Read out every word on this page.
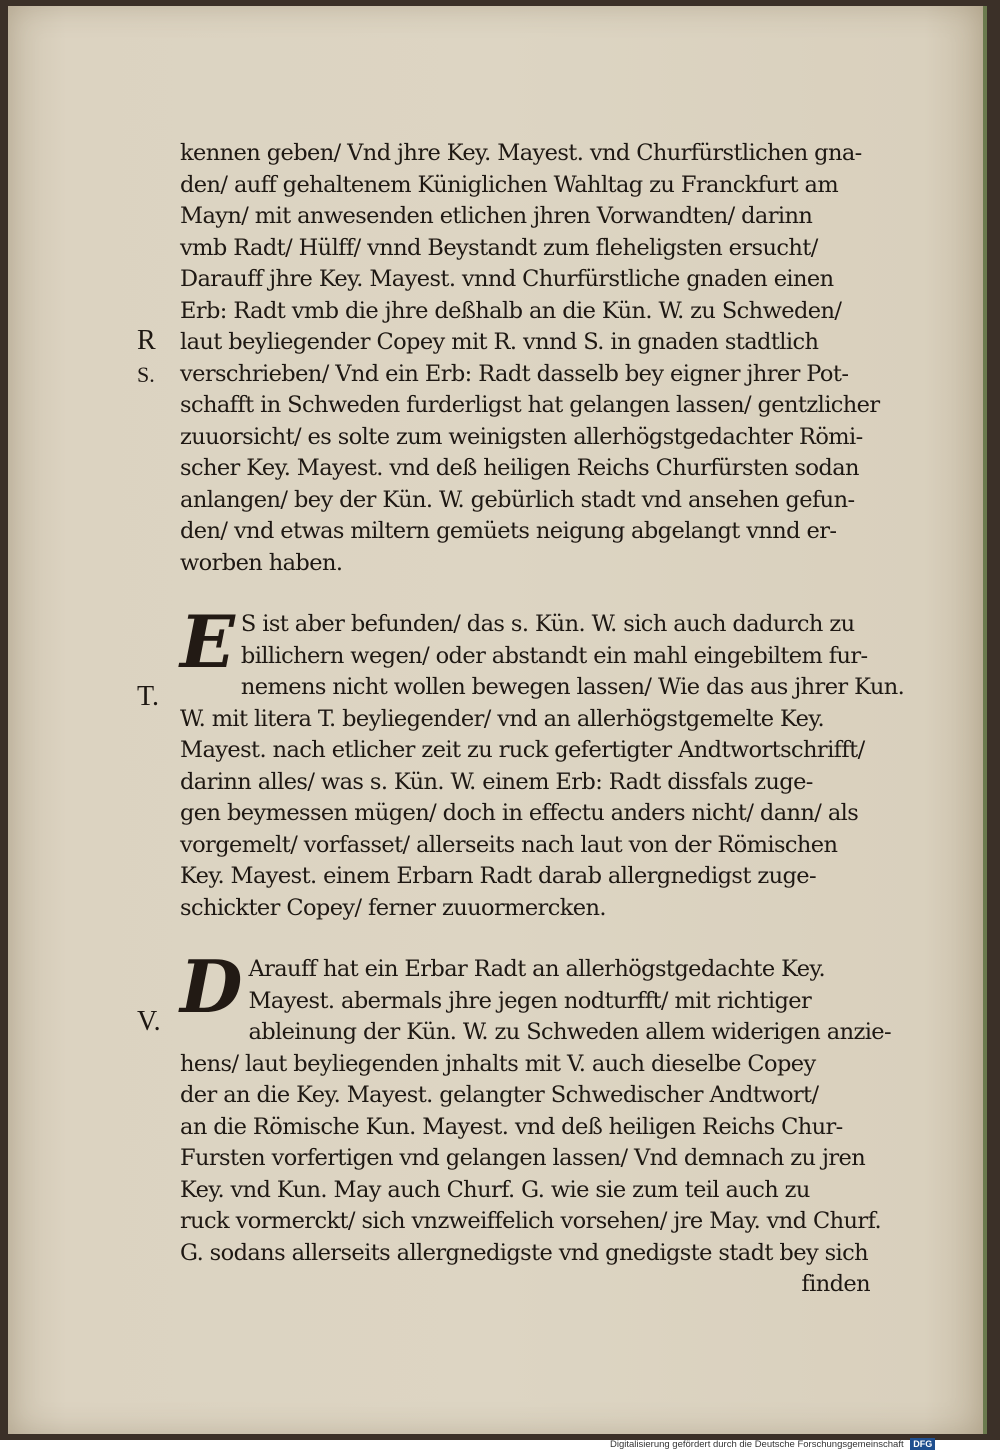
kennen geben/ Vnd jhre Key. Mayest. vnd Churfürstlichen gna-
den/ auff gehaltenem Küniglichen Wahltag zu Franckfurt am
Mayn/ mit anwesenden etlichen jhren Vorwandten/ darinn
vmb Radt/ Hülff/ vnnd Beystandt zum fleheligsten ersucht/
Darauff jhre Key. Mayest. vnnd Churfürstliche gnaden einen
Erb: Radt vmb die jhre deßhalb an die Kün. W. zu Schweden/
laut beyliegender Copey mit R. vnnd S. in gnaden stadtlich
verschrieben/ Vnd ein Erb: Radt dasselb bey eigner jhrer Pot-
schafft in Schweden furderligst hat gelangen lassen/ gentzlicher
zuuorsicht/ es solte zum weinigsten allerhögstgedachter Römi-
scher Key. Mayest. vnd deß heiligen Reichs Churfürsten sodan
anlangen/ bey der Kün. W. gebürlich stadt vnd ansehen gefun-
den/ vnd etwas miltern gemüets neigung abgelangt vnnd er-
worben haben.
E S ist aber befunden/ das s. Kün. W. sich auch dadurch zu
billichern wegen/ oder abstandt ein mahl eingebiltem fur-
nemens nicht wollen bewegen lassen/ Wie das aus jhrer Kun.
W. mit litera T. beyliegender/ vnd an allerhögstgemelte Key.
Mayest. nach etlicher zeit zu ruck gefertigter Andtwortschrifft/
darinn alles/ was s. Kün. W. einem Erb: Radt dissfals zuge-
gen beymessen mügen/ doch in effectu anders nicht/ dann/ als
vorgemelt/ vorfasset/ allerseits nach laut von der Römischen
Key. Mayest. einem Erbarn Radt darab allergnedigst zuge-
schickter Copey/ ferner zuuormercken.
D Arauff hat ein Erbar Radt an allerhögstgedachte Key.
Mayest. abermals jhre jegen nodturfft/ mit richtiger
ableinung der Kün. W. zu Schweden allem widerigen anzie-
hens/ laut beyliegenden jnhalts mit V. auch dieselbe Copey
der an die Key. Mayest. gelangter Schwedischer Andtwort/
an die Römische Kun. Mayest. vnd deß heiligen Reichs Chur-
Fursten vorfertigen vnd gelangen lassen/ Vnd demnach zu jren
Key. vnd Kun. May auch Churf. G. wie sie zum teil auch zu
ruck vormerckt/ sich vnzweiffelich vorsehen/ jre May. vnd Churf.
G. sodans allerseits allergnedigste vnd gnedigste stadt bey sich
finden
R
S.
T.
V.
Digitalisierung gefördert durch die Deutsche Forschungsgemeinschaft DFG
